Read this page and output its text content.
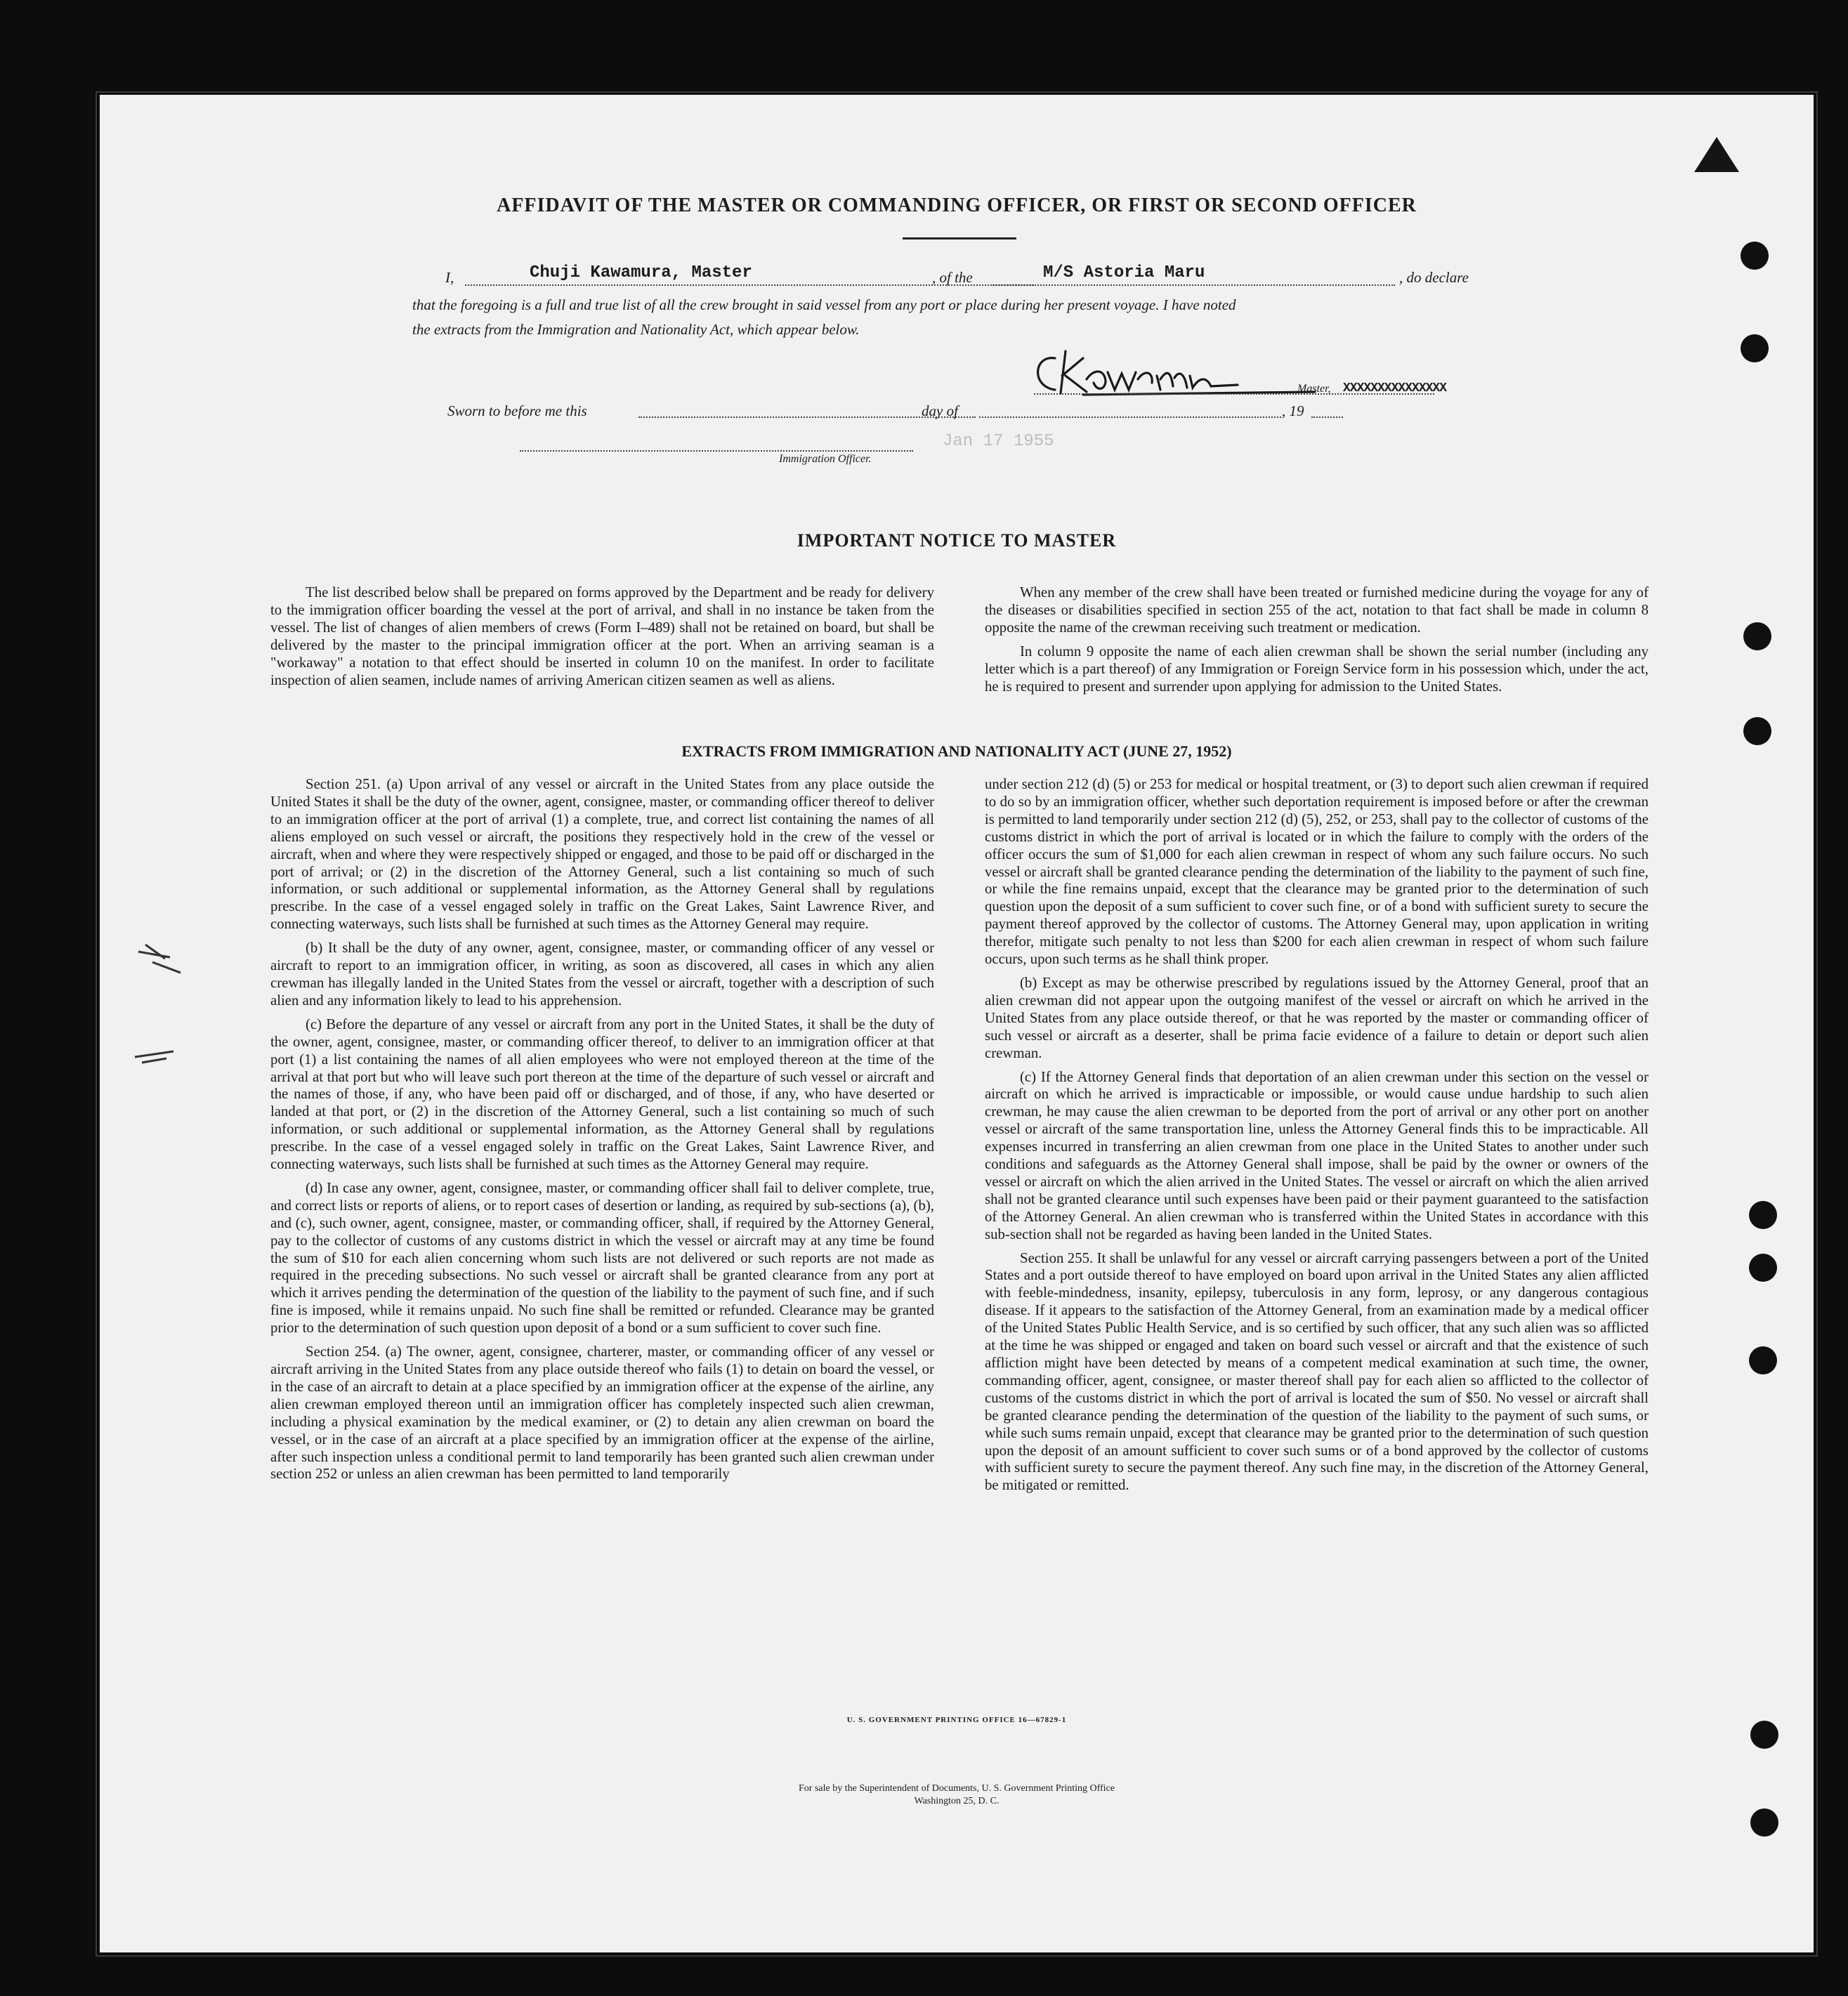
AFFIDAVIT OF THE MASTER OR COMMANDING OFFICER, OR FIRST OR SECOND OFFICER
I,	Chuji Kawamura, Master	, of the	M/S Astoria Maru	, do declare
that the foregoing is a full and true list of all the crew brought in said vessel from any port or place during her present voyage. I have noted
the extracts from the Immigration and Nationality Act, which appear below.
Master, XXXXXXXXXXXXXXX
Sworn to before me this	day of	, 19
Immigration Officer.
Jan 17 1955
IMPORTANT NOTICE TO MASTER

The list described below shall be prepared on forms approved by the Department and be ready for delivery to the immigration officer boarding the vessel at the port of arrival, and shall in no instance be taken from the vessel. The list of changes of alien members of crews (Form I–489) shall not be retained on board, but shall be delivered by the master to the principal immigration officer at the port. When an arriving seaman is a "workaway" a notation to that effect should be inserted in column 10 on the manifest. In order to facilitate inspection of alien seamen, include names of arriving American citizen seamen as well as aliens.

When any member of the crew shall have been treated or furnished medicine during the voyage for any of the diseases or disabilities specified in section 255 of the act, notation to that fact shall be made in column 8 opposite the name of the crewman receiving such treatment or medication.

In column 9 opposite the name of each alien crewman shall be shown the serial number (including any letter which is a part thereof) of any Immigration or Foreign Service form in his possession which, under the act, he is required to present and surrender upon applying for admission to the United States.

EXTRACTS FROM IMMIGRATION AND NATIONALITY ACT (JUNE 27, 1952)

Section 251. (a) Upon arrival of any vessel or aircraft in the United States from any place outside the United States it shall be the duty of the owner, agent, consignee, master, or commanding officer thereof to deliver to an immigration officer at the port of arrival (1) a complete, true, and correct list containing the names of all aliens employed on such vessel or aircraft, the positions they respectively hold in the crew of the vessel or aircraft, when and where they were respectively shipped or engaged, and those to be paid off or discharged in the port of arrival; or (2) in the discretion of the Attorney General, such a list containing so much of such information, or such additional or supplemental information, as the Attorney General shall by regulations prescribe. In the case of a vessel engaged solely in traffic on the Great Lakes, Saint Lawrence River, and connecting waterways, such lists shall be furnished at such times as the Attorney General may require.

(b) It shall be the duty of any owner, agent, consignee, master, or commanding officer of any vessel or aircraft to report to an immigration officer, in writing, as soon as discovered, all cases in which any alien crewman has illegally landed in the United States from the vessel or aircraft, together with a description of such alien and any information likely to lead to his apprehension.

(c) Before the departure of any vessel or aircraft from any port in the United States, it shall be the duty of the owner, agent, consignee, master, or commanding officer thereof, to deliver to an immigration officer at that port (1) a list containing the names of all alien employees who were not employed thereon at the time of the arrival at that port but who will leave such port thereon at the time of the departure of such vessel or aircraft and the names of those, if any, who have been paid off or discharged, and of those, if any, who have deserted or landed at that port, or (2) in the discretion of the Attorney General, such a list containing so much of such information, or such additional or supplemental information, as the Attorney General shall by regulations prescribe. In the case of a vessel engaged solely in traffic on the Great Lakes, Saint Lawrence River, and connecting waterways, such lists shall be furnished at such times as the Attorney General may require.

(d) In case any owner, agent, consignee, master, or commanding officer shall fail to deliver complete, true, and correct lists or reports of aliens, or to report cases of desertion or landing, as required by sub-sections (a), (b), and (c), such owner, agent, consignee, master, or commanding officer, shall, if required by the Attorney General, pay to the collector of customs of any customs district in which the vessel or aircraft may at any time be found the sum of $10 for each alien concerning whom such lists are not delivered or such reports are not made as required in the preceding subsections. No such vessel or aircraft shall be granted clearance from any port at which it arrives pending the determination of the question of the liability to the payment of such fine, and if such fine is imposed, while it remains unpaid. No such fine shall be remitted or refunded. Clearance may be granted prior to the determination of such question upon deposit of a bond or a sum sufficient to cover such fine.

Section 254. (a) The owner, agent, consignee, charterer, master, or commanding officer of any vessel or aircraft arriving in the United States from any place outside thereof who fails (1) to detain on board the vessel, or in the case of an aircraft to detain at a place specified by an immigration officer at the expense of the airline, any alien crewman employed thereon until an immigration officer has completely inspected such alien crewman, including a physical examination by the medical examiner, or (2) to detain any alien crewman on board the vessel, or in the case of an aircraft at a place specified by an immigration officer at the expense of the airline, after such inspection unless a conditional permit to land temporarily has been granted such alien crewman under section 252 or unless an alien crewman has been permitted to land temporarily

under section 212 (d) (5) or 253 for medical or hospital treatment, or (3) to deport such alien crewman if required to do so by an immigration officer, whether such deportation requirement is imposed before or after the crewman is permitted to land temporarily under section 212 (d) (5), 252, or 253, shall pay to the collector of customs of the customs district in which the port of arrival is located or in which the failure to comply with the orders of the officer occurs the sum of $1,000 for each alien crewman in respect of whom any such failure occurs. No such vessel or aircraft shall be granted clearance pending the determination of the liability to the payment of such fine, or while the fine remains unpaid, except that the clearance may be granted prior to the determination of such question upon the deposit of a sum sufficient to cover such fine, or of a bond with sufficient surety to secure the payment thereof approved by the collector of customs. The Attorney General may, upon application in writing therefor, mitigate such penalty to not less than $200 for each alien crewman in respect of whom such failure occurs, upon such terms as he shall think proper.

(b) Except as may be otherwise prescribed by regulations issued by the Attorney General, proof that an alien crewman did not appear upon the outgoing manifest of the vessel or aircraft on which he arrived in the United States from any place outside thereof, or that he was reported by the master or commanding officer of such vessel or aircraft as a deserter, shall be prima facie evidence of a failure to detain or deport such alien crewman.

(c) If the Attorney General finds that deportation of an alien crewman under this section on the vessel or aircraft on which he arrived is impracticable or impossible, or would cause undue hardship to such alien crewman, he may cause the alien crewman to be deported from the port of arrival or any other port on another vessel or aircraft of the same transportation line, unless the Attorney General finds this to be impracticable. All expenses incurred in transferring an alien crewman from one place in the United States to another under such conditions and safeguards as the Attorney General shall impose, shall be paid by the owner or owners of the vessel or aircraft on which the alien arrived in the United States. The vessel or aircraft on which the alien arrived shall not be granted clearance until such expenses have been paid or their payment guaranteed to the satisfaction of the Attorney General. An alien crewman who is transferred within the United States in accordance with this sub-section shall not be regarded as having been landed in the United States.

Section 255. It shall be unlawful for any vessel or aircraft carrying passengers between a port of the United States and a port outside thereof to have employed on board upon arrival in the United States any alien afflicted with feeble-mindedness, insanity, epilepsy, tuberculosis in any form, leprosy, or any dangerous contagious disease. If it appears to the satisfaction of the Attorney General, from an examination made by a medical officer of the United States Public Health Service, and is so certified by such officer, that any such alien was so afflicted at the time he was shipped or engaged and taken on board such vessel or aircraft and that the existence of such affliction might have been detected by means of a competent medical examination at such time, the owner, commanding officer, agent, consignee, or master thereof shall pay for each alien so afflicted to the collector of customs of the customs district in which the port of arrival is located the sum of $50. No vessel or aircraft shall be granted clearance pending the determination of the question of the liability to the payment of such sums, or while such sums remain unpaid, except that clearance may be granted prior to the determination of such question upon the deposit of an amount sufficient to cover such sums or of a bond approved by the collector of customs with sufficient surety to secure the payment thereof. Any such fine may, in the discretion of the Attorney General, be mitigated or remitted.

U. S. GOVERNMENT PRINTING OFFICE 16—67829-1
For sale by the Superintendent of Documents, U. S. Government Printing Office
Washington 25, D. C.
